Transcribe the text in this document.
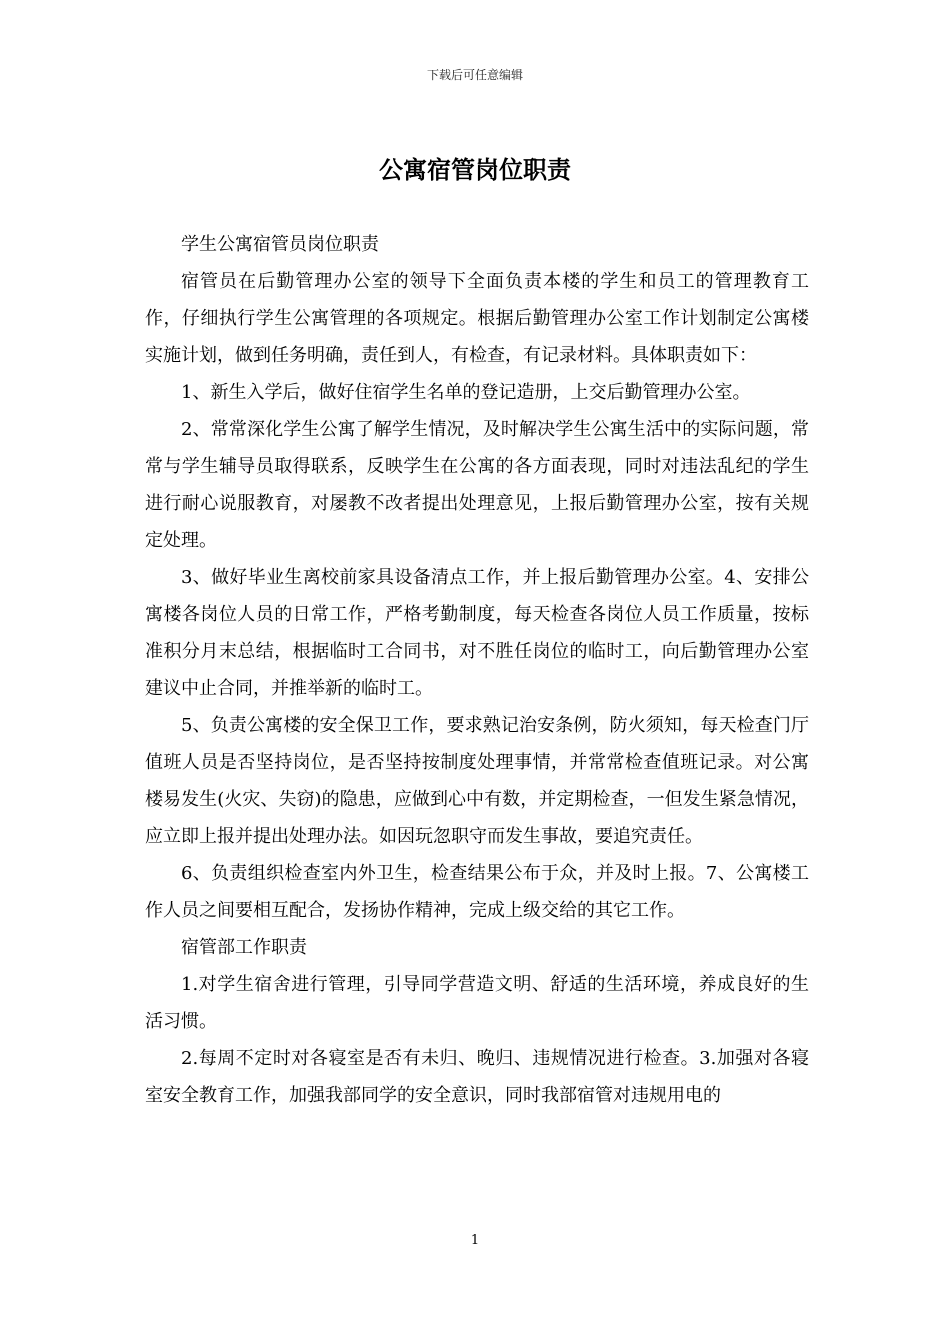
下载后可任意编辑
公寓宿管岗位职责

学生公寓宿管员岗位职责

宿管员在后勤管理办公室的领导下全面负责本楼的学生和员工的管理教育工作，仔细执行学生公寓管理的各项规定。根据后勤管理办公室工作计划制定公寓楼实施计划，做到任务明确，责任到人，有检查，有记录材料。具体职责如下：

1、新生入学后，做好住宿学生名单的登记造册，上交后勤管理办公室。

2、常常深化学生公寓了解学生情况，及时解决学生公寓生活中的实际问题，常常与学生辅导员取得联系，反映学生在公寓的各方面表现，同时对违法乱纪的学生进行耐心说服教育，对屡教不改者提出处理意见，上报后勤管理办公室，按有关规定处理。

3、做好毕业生离校前家具设备清点工作，并上报后勤管理办公室。4、安排公寓楼各岗位人员的日常工作，严格考勤制度，每天检查各岗位人员工作质量，按标准积分月末总结，根据临时工合同书，对不胜任岗位的临时工，向后勤管理办公室建议中止合同，并推举新的临时工。

5、负责公寓楼的安全保卫工作，要求熟记治安条例，防火须知，每天检查门厅值班人员是否坚持岗位，是否坚持按制度处理事情，并常常检查值班记录。对公寓楼易发生(火灾、失窃)的隐患，应做到心中有数，并定期检查，一但发生紧急情况，应立即上报并提出处理办法。如因玩忽职守而发生事故，要追究责任。

6、负责组织检查室内外卫生，检查结果公布于众，并及时上报。7、公寓楼工作人员之间要相互配合，发扬协作精神，完成上级交给的其它工作。

宿管部工作职责

1.对学生宿舍进行管理，引导同学营造文明、舒适的生活环境，养成良好的生活习惯。

2.每周不定时对各寝室是否有未归、晚归、违规情况进行检查。3.加强对各寝室安全教育工作，加强我部同学的安全意识，同时我部宿管对违规用电的

1
